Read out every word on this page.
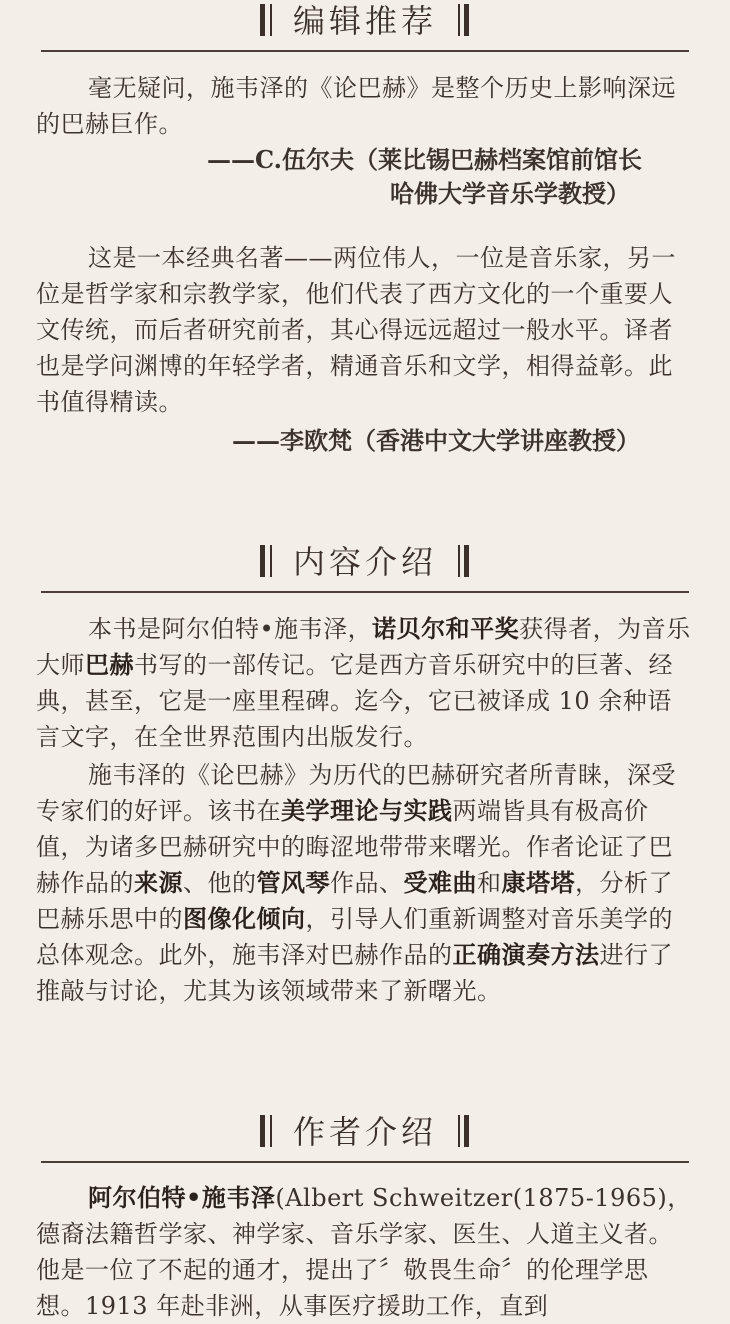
编辑推荐

毫无疑问，施韦泽的《论巴赫》是整个历史上影响深远的巴赫巨作。

——C.伍尔夫（莱比锡巴赫档案馆前馆长
哈佛大学音乐学教授）

这是一本经典名著——两位伟人，一位是音乐家，另一位是哲学家和宗教学家，他们代表了西方文化的一个重要人文传统，而后者研究前者，其心得远远超过一般水平。译者也是学问渊博的年轻学者，精通音乐和文学，相得益彰。此书值得精读。

——李欧梵（香港中文大学讲座教授）
内容介绍

本书是阿尔伯特•施韦泽，诺贝尔和平奖获得者，为音乐大师巴赫书写的一部传记。它是西方音乐研究中的巨著、经典，甚至，它是一座里程碑。迄今，它已被译成 10 余种语言文字，在全世界范围内出版发行。

施韦泽的《论巴赫》为历代的巴赫研究者所青睐，深受专家们的好评。该书在美学理论与实践两端皆具有极高价值，为诸多巴赫研究中的晦涩地带带来曙光。作者论证了巴赫作品的来源、他的管风琴作品、受难曲和康塔塔，分析了巴赫乐思中的图像化倾向，引导人们重新调整对音乐美学的总体观念。此外，施韦泽对巴赫作品的正确演奏方法进行了推敲与讨论，尤其为该领域带来了新曙光。

作者介绍

阿尔伯特•施韦泽(Albert Schweitzer(1875-1965)，德裔法籍哲学家、神学家、音乐学家、医生、人道主义者。他是一位了不起的通才，提出了〞敬畏生命〞的伦理学思想。1913 年赴非洲，从事医疗援助工作，直到
